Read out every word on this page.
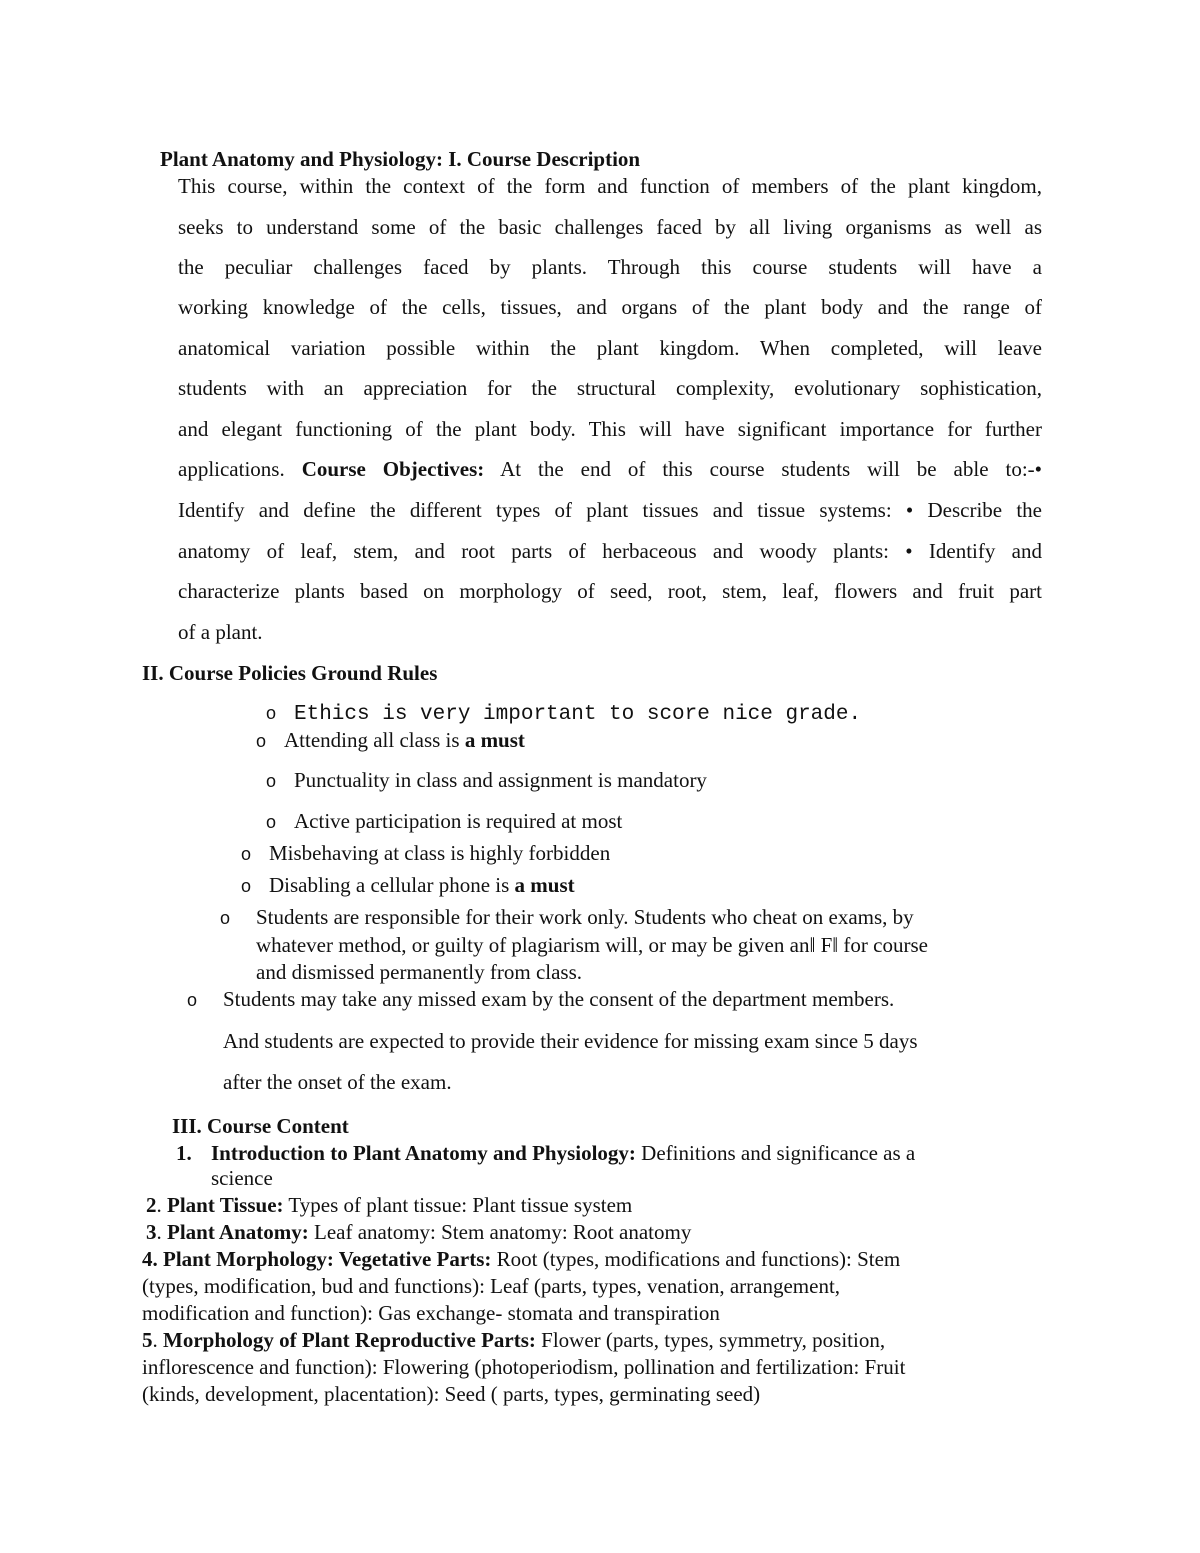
Plant Anatomy and Physiology: I. Course Description
This course, within the context of the form and function of members of the plant kingdom,
seeks to understand some of the basic challenges faced by all living organisms as well as
the peculiar challenges faced by plants. Through this course students will have a
working knowledge of the cells, tissues, and organs of the plant body and the range of
anatomical variation possible within the plant kingdom. When completed, will leave
students with an appreciation for the structural complexity, evolutionary sophistication,
and elegant functioning of the plant body. This will have significant importance for further
applications. Course Objectives: At the end of this course students will be able to:-•
Identify and define the different types of plant tissues and tissue systems: • Describe the
anatomy of leaf, stem, and root parts of herbaceous and woody plants: • Identify and
characterize plants based on morphology of seed, root, stem, leaf, flowers and fruit part
of a plant.
II. Course Policies Ground Rules
o Ethics is very important to score nice grade.
o Attending all class is a must
o Punctuality in class and assignment is mandatory
o Active participation is required at most
o Misbehaving at class is highly forbidden
o Disabling a cellular phone is a must
o Students are responsible for their work only. Students who cheat on exams, by
whatever method, or guilty of plagiarism will, or may be given an‖ F‖ for course
and dismissed permanently from class.
o Students may take any missed exam by the consent of the department members.
And students are expected to provide their evidence for missing exam since 5 days
after the onset of the exam.
III. Course Content
1. Introduction to Plant Anatomy and Physiology: Definitions and significance as a
science
2. Plant Tissue: Types of plant tissue: Plant tissue system
3. Plant Anatomy: Leaf anatomy: Stem anatomy: Root anatomy
4. Plant Morphology: Vegetative Parts: Root (types, modifications and functions): Stem
(types, modification, bud and functions): Leaf (parts, types, venation, arrangement,
modification and function): Gas exchange- stomata and transpiration
5. Morphology of Plant Reproductive Parts: Flower (parts, types, symmetry, position,
inflorescence and function): Flowering (photoperiodism, pollination and fertilization: Fruit
(kinds, development, placentation): Seed ( parts, types, germinating seed)
